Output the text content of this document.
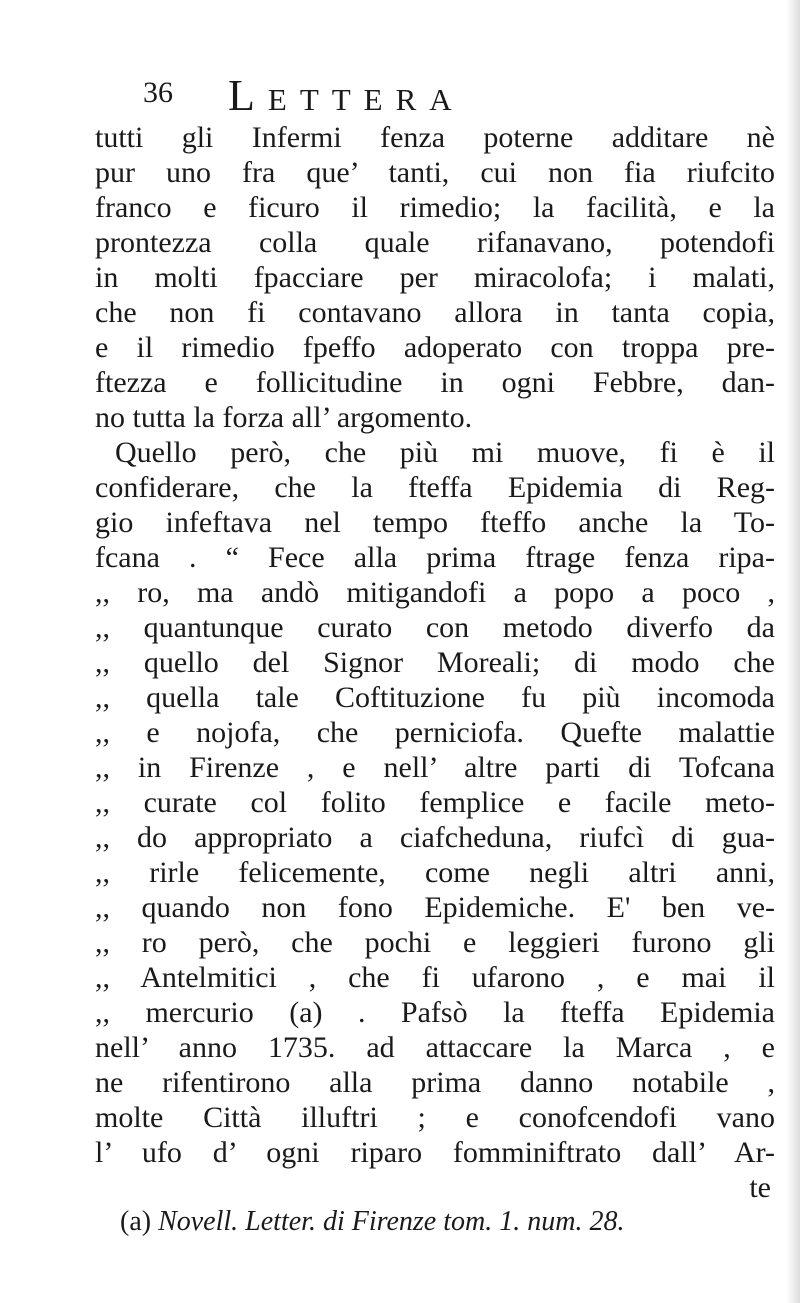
36 Lettera
tutti gli Infermi fenza poterne additare nè
pur uno fra que’ tanti, cui non fia riufcito
franco e ficuro il rimedio; la facilità, e la
prontezza colla quale rifanavano, potendofi
in molti fpacciare per miracolofa; i malati,
che non fi contavano allora in tanta copia,
e il rimedio fpeffo adoperato con troppa pre-
ftezza e follicitudine in ogni Febbre, dan-
no tutta la forza all’ argomento.
Quello però, che più mi muove, fi è il
confiderare, che la fteffa Epidemia di Reg-
gio infeftava nel tempo fteffo anche la To-
fcana . “ Fece alla prima ftrage fenza ripa-
,, ro, ma andò mitigandofi a popo a poco ,
,, quantunque curato con metodo diverfo da
,, quello del Signor Moreali; di modo che
,, quella tale Coftituzione fu più incomoda
,, e nojofa, che perniciofa. Quefte malattie
,, in Firenze , e nell’ altre parti di Tofcana
,, curate col folito femplice e facile meto-
,, do appropriato a ciafcheduna, riufcì di gua-
,, rirle felicemente, come negli altri anni,
,, quando non fono Epidemiche. E' ben ve-
,, ro però, che pochi e leggieri furono gli
,, Antelmitici , che fi ufarono , e mai il
,, mercurio (a) . Pafsò la fteffa Epidemia
nell’ anno 1735. ad attaccare la Marca , e
ne rifentirono alla prima danno notabile ,
molte Città illuftri ; e conofcendofi vano
l’ ufo d’ ogni riparo fomminiftrato dall’ Ar-
te
(a) Novell. Letter. di Firenze tom. 1. num. 28.
